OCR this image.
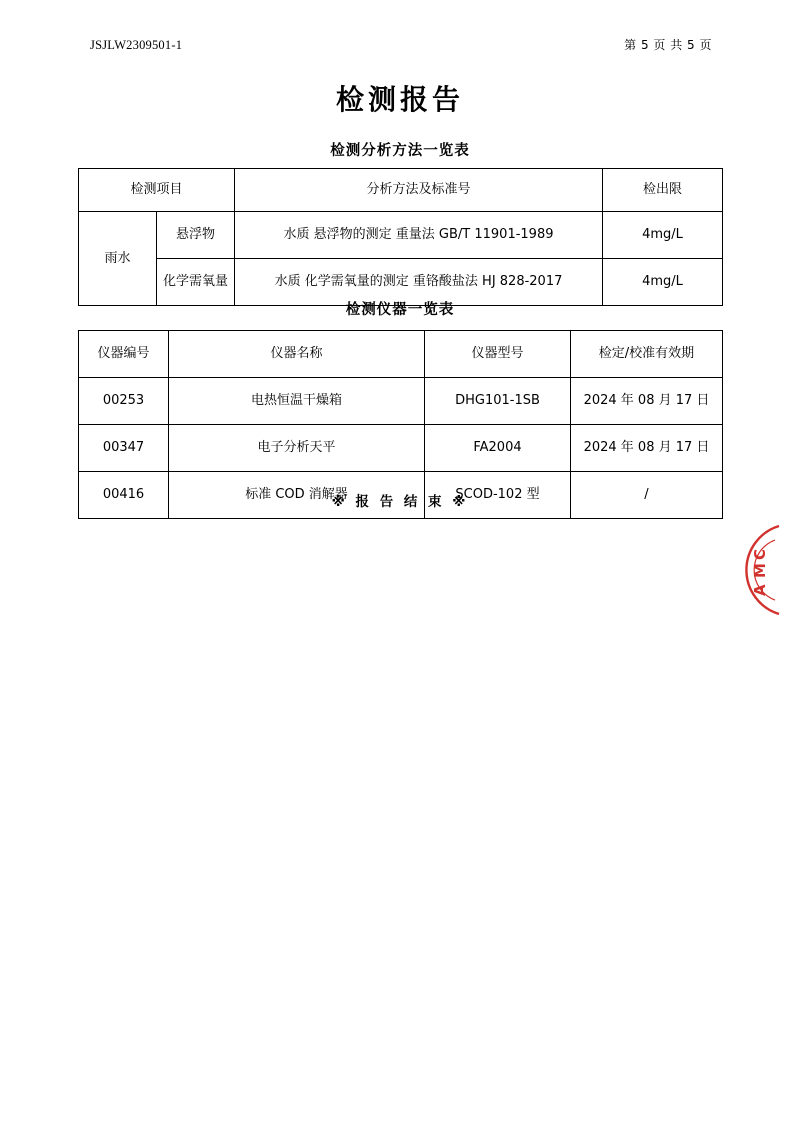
JSJLW2309501-1	第 5 页 共 5 页
检测报告
检测分析方法一览表
检测项目		分析方法及标准号	检出限
雨水	悬浮物	水质 悬浮物的测定 重量法 GB/T 11901-1989	4mg/L
	化学需氧量	水质 化学需氧量的测定 重铬酸盐法 HJ 828-2017	4mg/L
检测仪器一览表
仪器编号	仪器名称	仪器型号	检定/校准有效期
00253	电热恒温干燥箱	DHG101-1SB	2024 年 08 月 17 日
00347	电子分析天平	FA2004	2024 年 08 月 17 日
00416	标准 COD 消解器	SCOD-102 型	/
※ 报 告 结 束 ※
C
M
A
